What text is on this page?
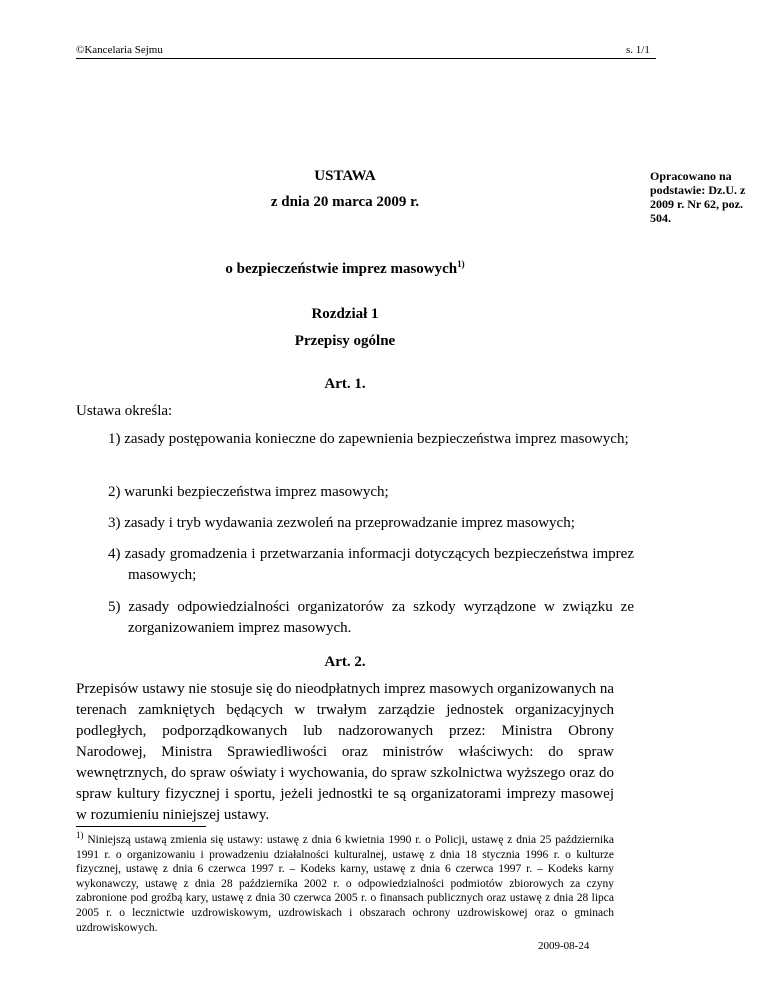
©Kancelaria Sejmu	s. 1/1
USTAWA
z dnia 20 marca 2009 r.
Opracowano na podstawie: Dz.U. z 2009 r. Nr 62, poz. 504.
o bezpieczeństwie imprez masowych$^{1)}$
Rozdział 1
Przepisy ogólne
Art. 1.
Ustawa określa:
1) zasady postępowania konieczne do zapewnienia bezpieczeństwa imprez masowych;
2) warunki bezpieczeństwa imprez masowych;
3) zasady i tryb wydawania zezwoleń na przeprowadzanie imprez masowych;
4) zasady gromadzenia i przetwarzania informacji dotyczących bezpieczeństwa imprez masowych;
5) zasady odpowiedzialności organizatorów za szkody wyrządzone w związku ze zorganizowaniem imprez masowych.
Art. 2.
Przepisów ustawy nie stosuje się do nieodpłatnych imprez masowych organizowanych na terenach zamkniętych będących w trwałym zarządzie jednostek organizacyjnych podległych, podporządkowanych lub nadzorowanych przez: Ministra Obrony Narodowej, Ministra Sprawiedliwości oraz ministrów właściwych: do spraw wewnętrznych, do spraw oświaty i wychowania, do spraw szkolnictwa wyższego oraz do spraw kultury fizycznej i sportu, jeżeli jednostki te są organizatorami imprezy masowej w rozumieniu niniejszej ustawy.
$^{1)}$ Niniejszą ustawą zmienia się ustawy: ustawę z dnia 6 kwietnia 1990 r. o Policji, ustawę z dnia 25 października 1991 r. o organizowaniu i prowadzeniu działalności kulturalnej, ustawę z dnia 18 stycznia 1996 r. o kulturze fizycznej, ustawę z dnia 6 czerwca 1997 r. – Kodeks karny, ustawę z dnia 6 czerwca 1997 r. – Kodeks karny wykonawczy, ustawę z dnia 28 października 2002 r. o odpowiedzialności podmiotów zbiorowych za czyny zabronione pod groźbą kary, ustawę z dnia 30 czerwca 2005 r. o finansach publicznych oraz ustawę z dnia 28 lipca 2005 r. o lecznictwie uzdrowiskowym, uzdrowiskach i obszarach ochrony uzdrowiskowej oraz o gminach uzdrowiskowych.
2009-08-24
